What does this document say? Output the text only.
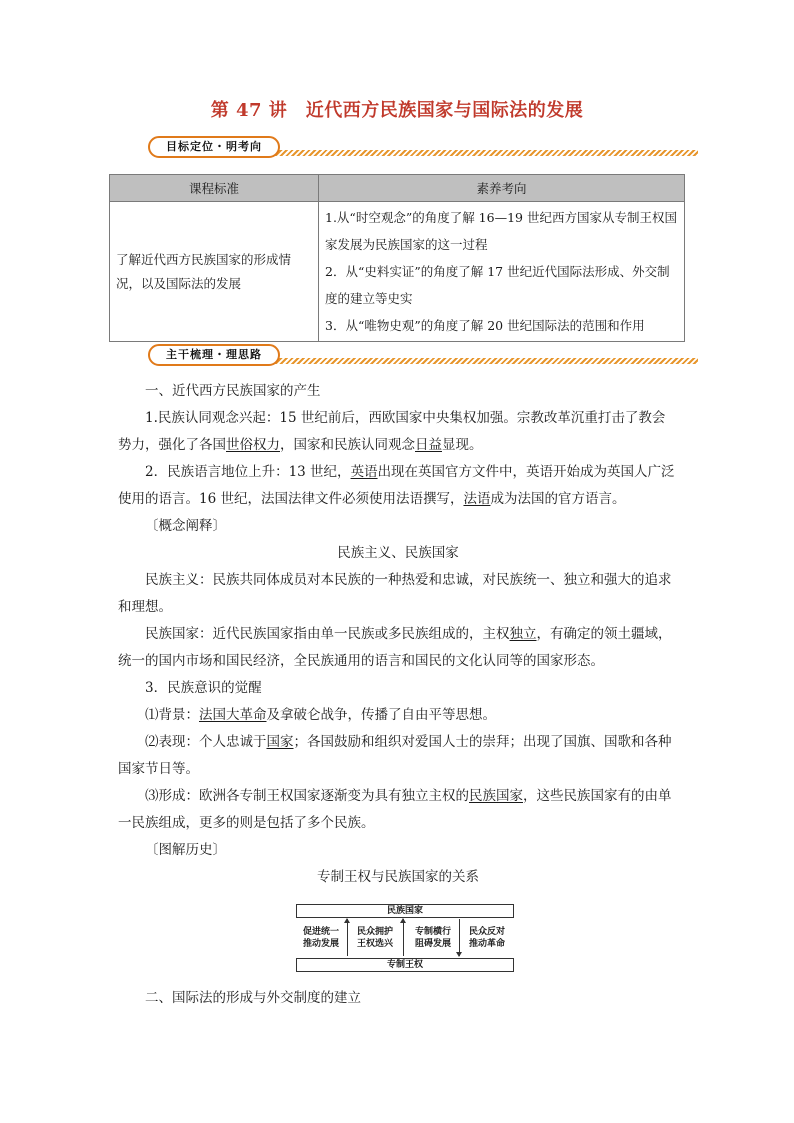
第 47 讲　近代西方民族国家与国际法的发展
目标定位・明考向
课程标准	素养考向
了解近代西方民族国家的形成情况，以及国际法的发展	1.从“时空观念”的角度了解 16—19 世纪西方国家从专制王权国家发展为民族国家的这一过程
2．从“史料实证”的角度了解 17 世纪近代国际法形成、外交制度的建立等史实
3．从“唯物史观”的角度了解 20 世纪国际法的范围和作用
主干梳理・理思路

一、近代西方民族国家的产生

1.民族认同观念兴起：15 世纪前后，西欧国家中央集权加强。宗教改革沉重打击了教会势力，强化了各国世俗权力，国家和民族认同观念日益显现。

2．民族语言地位上升：13 世纪，英语出现在英国官方文件中，英语开始成为英国人广泛使用的语言。16 世纪，法国法律文件必须使用法语撰写，法语成为法国的官方语言。

〔概念阐释〕

民族主义、民族国家

民族主义：民族共同体成员对本民族的一种热爱和忠诚，对民族统一、独立和强大的追求和理想。

民族国家：近代民族国家指由单一民族或多民族组成的，主权独立，有确定的领土疆域，统一的国内市场和国民经济，全民族通用的语言和国民的文化认同等的国家形态。

3．民族意识的觉醒

⑴背景：法国大革命及拿破仑战争，传播了自由平等思想。

⑵表现：个人忠诚于国家；各国鼓励和组织对爱国人士的崇拜；出现了国旗、国歌和各种国家节日等。

⑶形成：欧洲各专制王权国家逐渐变为具有独立主权的民族国家，这些民族国家有的由单一民族组成，更多的则是包括了多个民族。

〔图解历史〕

专制王权与民族国家的关系

民族国家
促进统一
推动发展
民众拥护
王权选兴
专制横行
阻碍发展
民众反对
推动革命
专制王权

二、国际法的形成与外交制度的建立
